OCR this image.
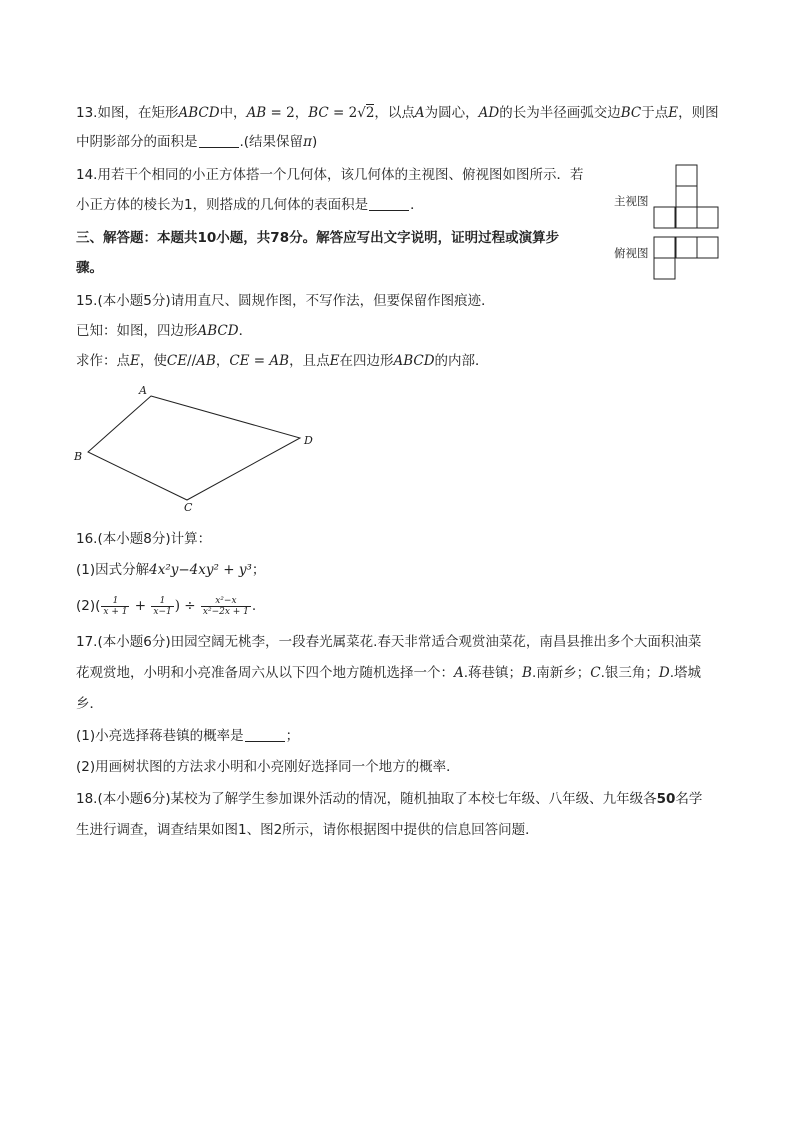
13.如图，在矩形ABCD中，AB = 2，BC = 2√2，以点A为圆心，AD的长为半径画弧交边BC于点E，则图
中阴影部分的面积是	.(结果保留π)
14.用若干个相同的小正方体搭一个几何体，该几何体的主视图、俯视图如图所示．若
小正方体的棱长为1，则搭成的几何体的表面积是	．	主视图
俯视图
三、解答题：本题共10小题，共78分。解答应写出文字说明，证明过程或演算步
骤。
15.(本小题5分)请用直尺、圆规作图，不写作法，但要保留作图痕迹．
已知：如图，四边形ABCD．
求作：点E，使CE//AB，CE = AB，且点E在四边形ABCD的内部．
A
B
C
D
16.(本小题8分)计算：
(1)因式分解4x²y−4xy² + y³；
$(2)( \frac{1}{x + 1} + \frac{1}{x-1}$ ) ÷ $\frac{\text{x²−x}}{\text{x²−2x + 1}}$ .
17.(本小题6分)田园空阔无桃李，一段春光属菜花.春天非常适合观赏油菜花，南昌县推出多个大面积油菜
花观赏地，小明和小亮准备周六从以下四个地方随机选择一个：A.蒋巷镇；B.南新乡；C.银三角；D.塔城
乡．
(1)小亮选择蒋巷镇的概率是	；
(2)用画树状图的方法求小明和小亮刚好选择同一个地方的概率．
18.(本小题6分)某校为了解学生参加课外活动的情况，随机抽取了本校七年级、八年级、九年级各50名学
生进行调查，调查结果如图1、图2所示，请你根据图中提供的信息回答问题．
